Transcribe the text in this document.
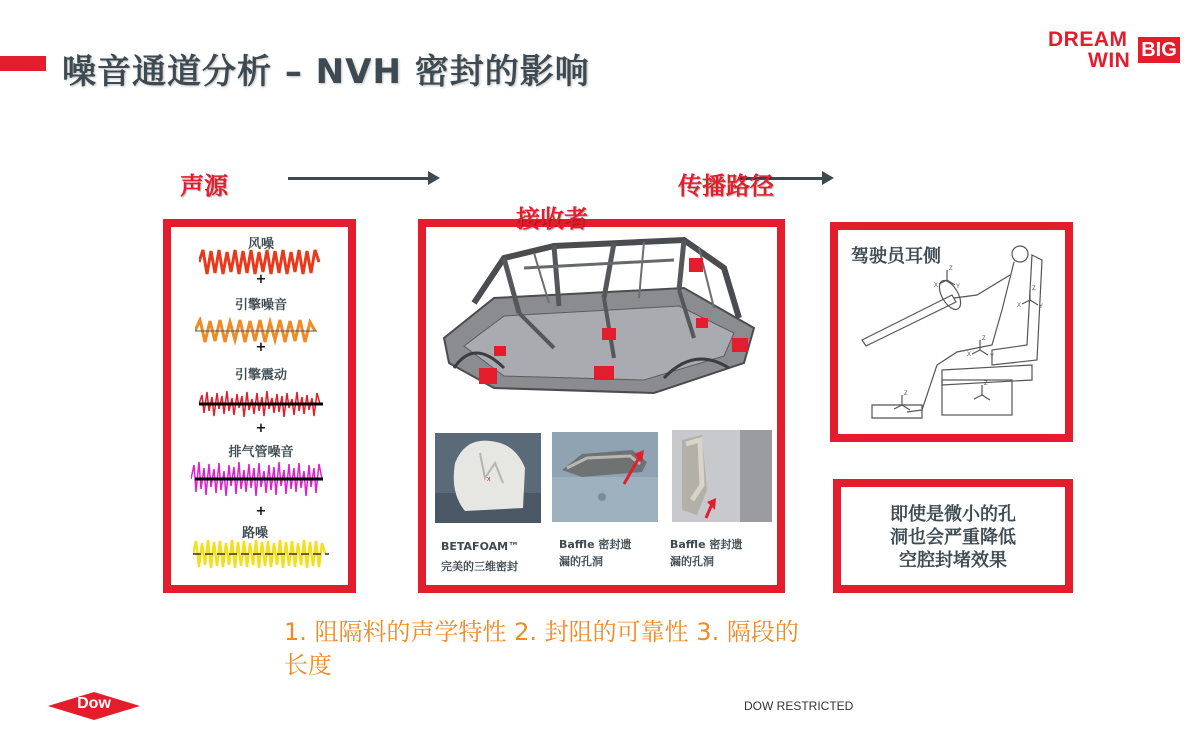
噪音通道分析 – NVH 密封的影响
DREAM
WIN BIG
声源
接收者
传播路径
风噪
+
引擎噪音
+
引擎震动
+
排气管噪音
+
路噪
x
BETAFOAM™
完美的三维密封
Baffle 密封遗
漏的孔洞
Baffle 密封遗
漏的孔洞
驾驶员耳侧
Z
Z
Z
Z
Z
Y
Y
Y
X
X
X
即使是微小的孔
洞也会严重降低
空腔封堵效果
1. 阻隔料的声学特性 2. 封阻的可靠性 3. 隔段的
长度
Dow	DOW RESTRICTED
